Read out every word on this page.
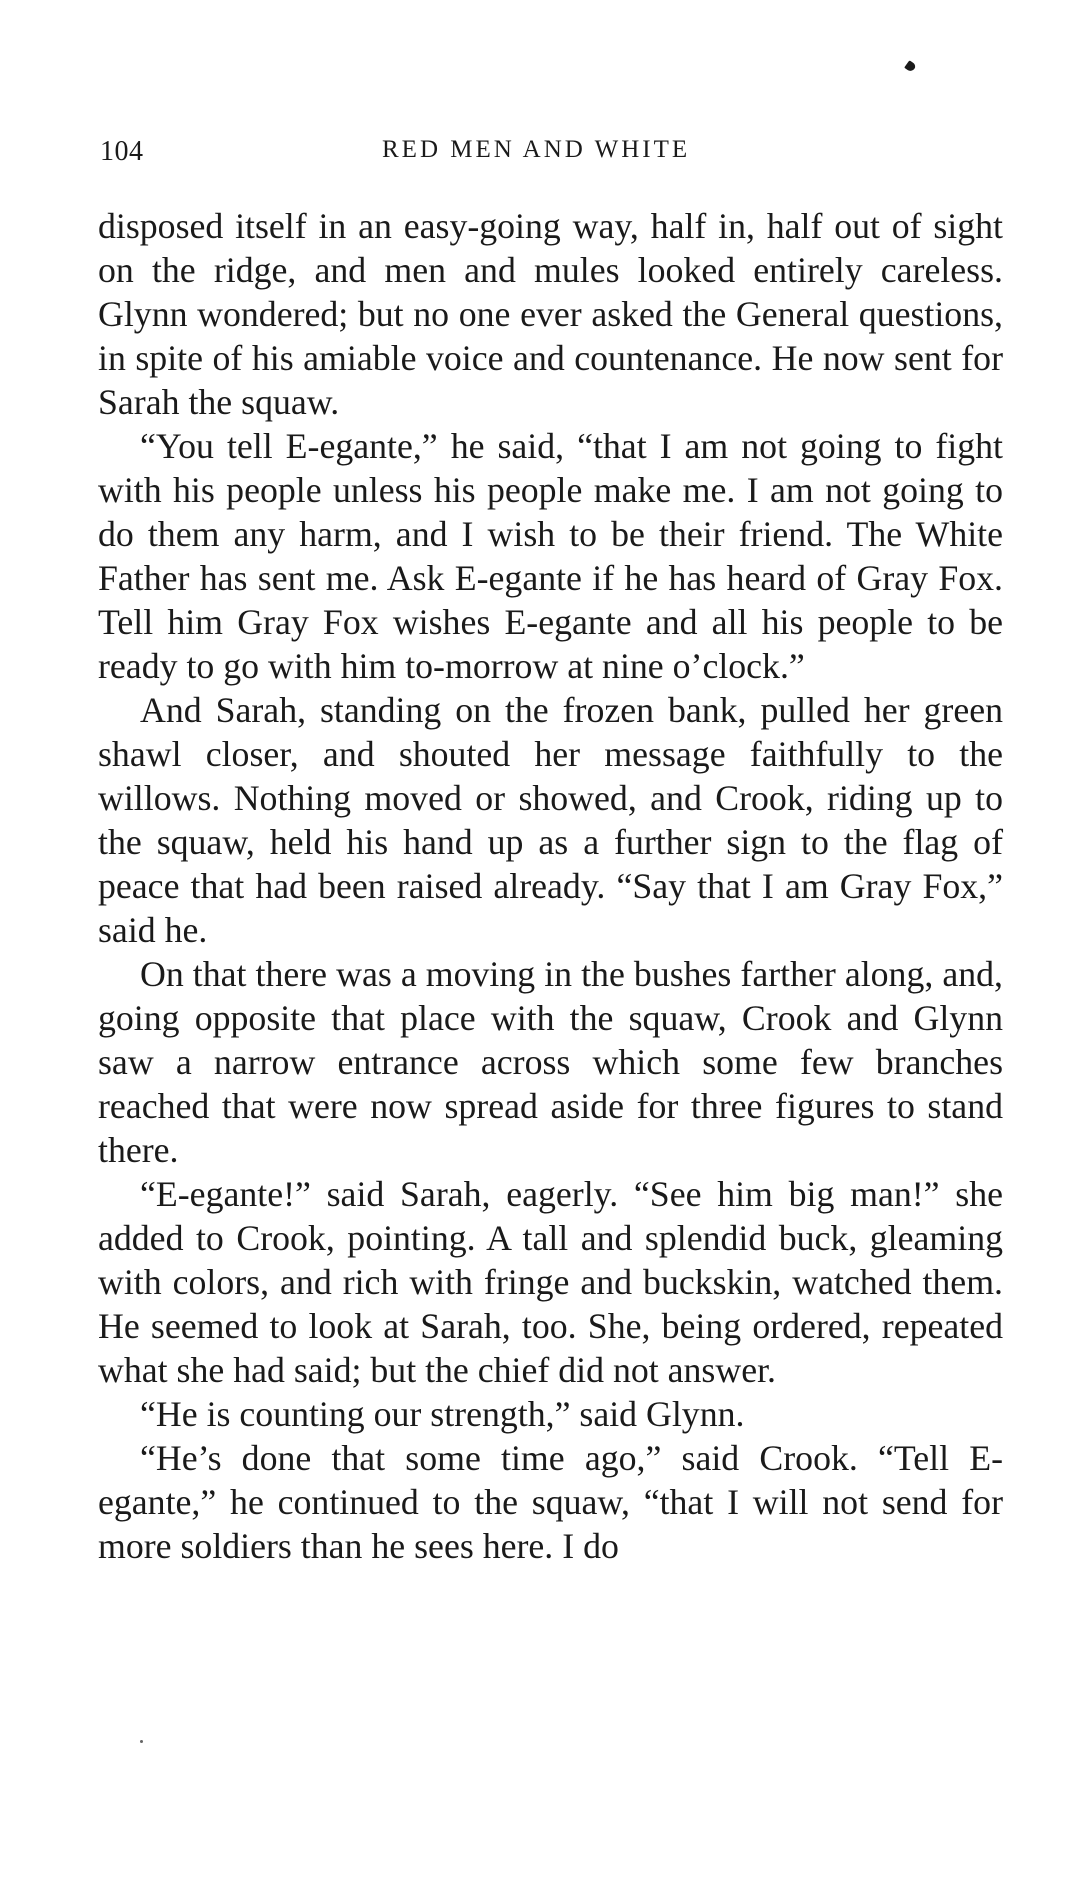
104	RED MEN AND WHITE

disposed itself in an easy-going way, half in, half out of sight on the ridge, and men and mules looked entirely careless. Glynn wondered; but no one ever asked the General questions, in spite of his amiable voice and countenance. He now sent for Sarah the squaw.

“You tell E-egante,” he said, “that I am not going to fight with his people unless his people make me. I am not going to do them any harm, and I wish to be their friend. The White Father has sent me. Ask E-egante if he has heard of Gray Fox. Tell him Gray Fox wishes E-egante and all his people to be ready to go with him to-morrow at nine o’clock.”

And Sarah, standing on the frozen bank, pulled her green shawl closer, and shouted her message faithfully to the willows. Nothing moved or showed, and Crook, riding up to the squaw, held his hand up as a further sign to the flag of peace that had been raised already. “Say that I am Gray Fox,” said he.

On that there was a moving in the bushes farther along, and, going opposite that place with the squaw, Crook and Glynn saw a narrow entrance across which some few branches reached that were now spread aside for three figures to stand there.

“E-egante!” said Sarah, eagerly. “See him big man!” she added to Crook, pointing. A tall and splendid buck, gleaming with colors, and rich with fringe and buckskin, watched them. He seemed to look at Sarah, too. She, being ordered, repeated what she had said; but the chief did not answer.

“He is counting our strength,” said Glynn.

“He’s done that some time ago,” said Crook. “Tell E-egante,” he continued to the squaw, “that I will not send for more soldiers than he sees here. I do
